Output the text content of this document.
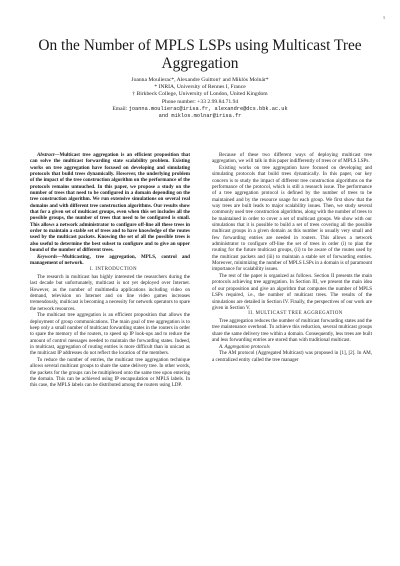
1
On the Number of MPLS LSPs using Multicast Tree Aggregation
Joanna Moulierac*, Alexandre Guitton† and Miklós Molnár*
* INRIA, University of Rennes I, France
† Birkbeck College, University of London, United Kingdom
Phone number: +33 2.99.84.71.94
Email: joanna.moulierac@irisa.fr, alexandre@dcs.bbk.ac.uk
and miklos.molnar@irisa.fr

Abstract—Multicast tree aggregation is an efficient proposition that can solve the multicast forwarding state scalability problem. Existing works on tree aggregation have focused on developing and simulating protocols that build trees dynamically. However, the underlying problem of the impact of the tree construction algorithm on the performance of the protocols remains untouched. In this paper, we propose a study on the number of trees that need to be configured in a domain depending on the tree construction algorithm. We run extensive simulations on several real domains and with different tree construction algorithms. Our results show that for a given set of multicast groups, even when this set includes all the possible groups, the number of trees that need to be configured is small. This allows a network administrator to configure off-line all these trees in order to maintain a stable set of trees and to have knowledge of the routes used by the multicast packets. Knowing the set of all the possible trees is also useful to determine the best subset to configure and to give an upper bound of the number of different trees.

Keywords—Multicasting, tree aggregation, MPLS, control and management of network.

I. INTRODUCTION

The research in multicast has highly interested the researchers during the last decade but unfortunately, multicast is not yet deployed over Internet. However, as the number of multimedia applications including video on demand, television on Internet and on line video games increases tremendously, multicast is becoming a necessity for network operators to spare the network resources.

The multicast tree aggregation is an efficient proposition that allows the deployment of group communications. The main goal of tree aggregation is to keep only a small number of multicast forwarding states in the routers in order to spare the memory of the routers, to speed up IP look-ups and to reduce the amount of control messages needed to maintain the forwarding states. Indeed, in multicast, aggregation of routing entries is more difficult than in unicast as the multicast IP addresses do not reflect the location of the members.

To reduce the number of entries, the multicast tree aggregation technique allows several multicast groups to share the same delivery tree. In other words, the packets for the groups can be multiplexed onto the same tree upon entering the domain. This can be achieved using IP encapsulation or MPLS labels. In this case, the MPLS labels can be distributed among the routers using LDP.

Because of these two different ways of deploying multicast tree aggregation, we will talk in this paper indifferently of trees or of MPLS LSPs.

Existing works on tree aggregation have focused on developing and simulating protocols that build trees dynamically. In this paper, our key concern is to study the impact of different tree construction algorithms on the performance of the protocol, which is still a research issue. The performance of a tree aggregation protocol is defined by the number of trees to be maintained and by the resource usage for each group. We first show that the way trees are built leads to major scalability issues. Then, we study several commonly used tree construction algorithms, along with the number of trees to be maintained in order to cover a set of multicast groups. We show with our simulations that it is possible to build a set of trees covering all the possible multicast groups in a given domain as this number is usually very small and few forwarding entries are needed in routers. This allows a network administrator to configure off-line the set of trees in order (i) to plan the routing for the future multicast groups, (ii) to be aware of the routes used by the multicast packets and (iii) to maintain a stable set of forwarding entries. Moreover, minimizing the number of MPLS LSPs in a domain is of paramount importance for scalability issues.

The rest of the paper is organized as follows. Section II presents the main protocols achieving tree aggregation. In Section III, we present the main idea of our proposition and give an algorithm that computes the number of MPLS LSPs required, i.e., the number of multicast trees. The results of the simulations are detailed in Section IV. Finally, the perspectives of our work are given in Section V.

II. MULTICAST TREE AGGREGATION

Tree aggregation reduces the number of multicast forwarding states and the tree maintenance overhead. To achieve this reduction, several multicast groups share the same delivery tree within a domain. Consequently, less trees are built and less forwarding entries are stored than with traditional multicast.

A. Aggregation protocols

The AM protocol (Aggregated Multicast) was proposed in [1], [2]. In AM, a centralized entity called the tree manager
